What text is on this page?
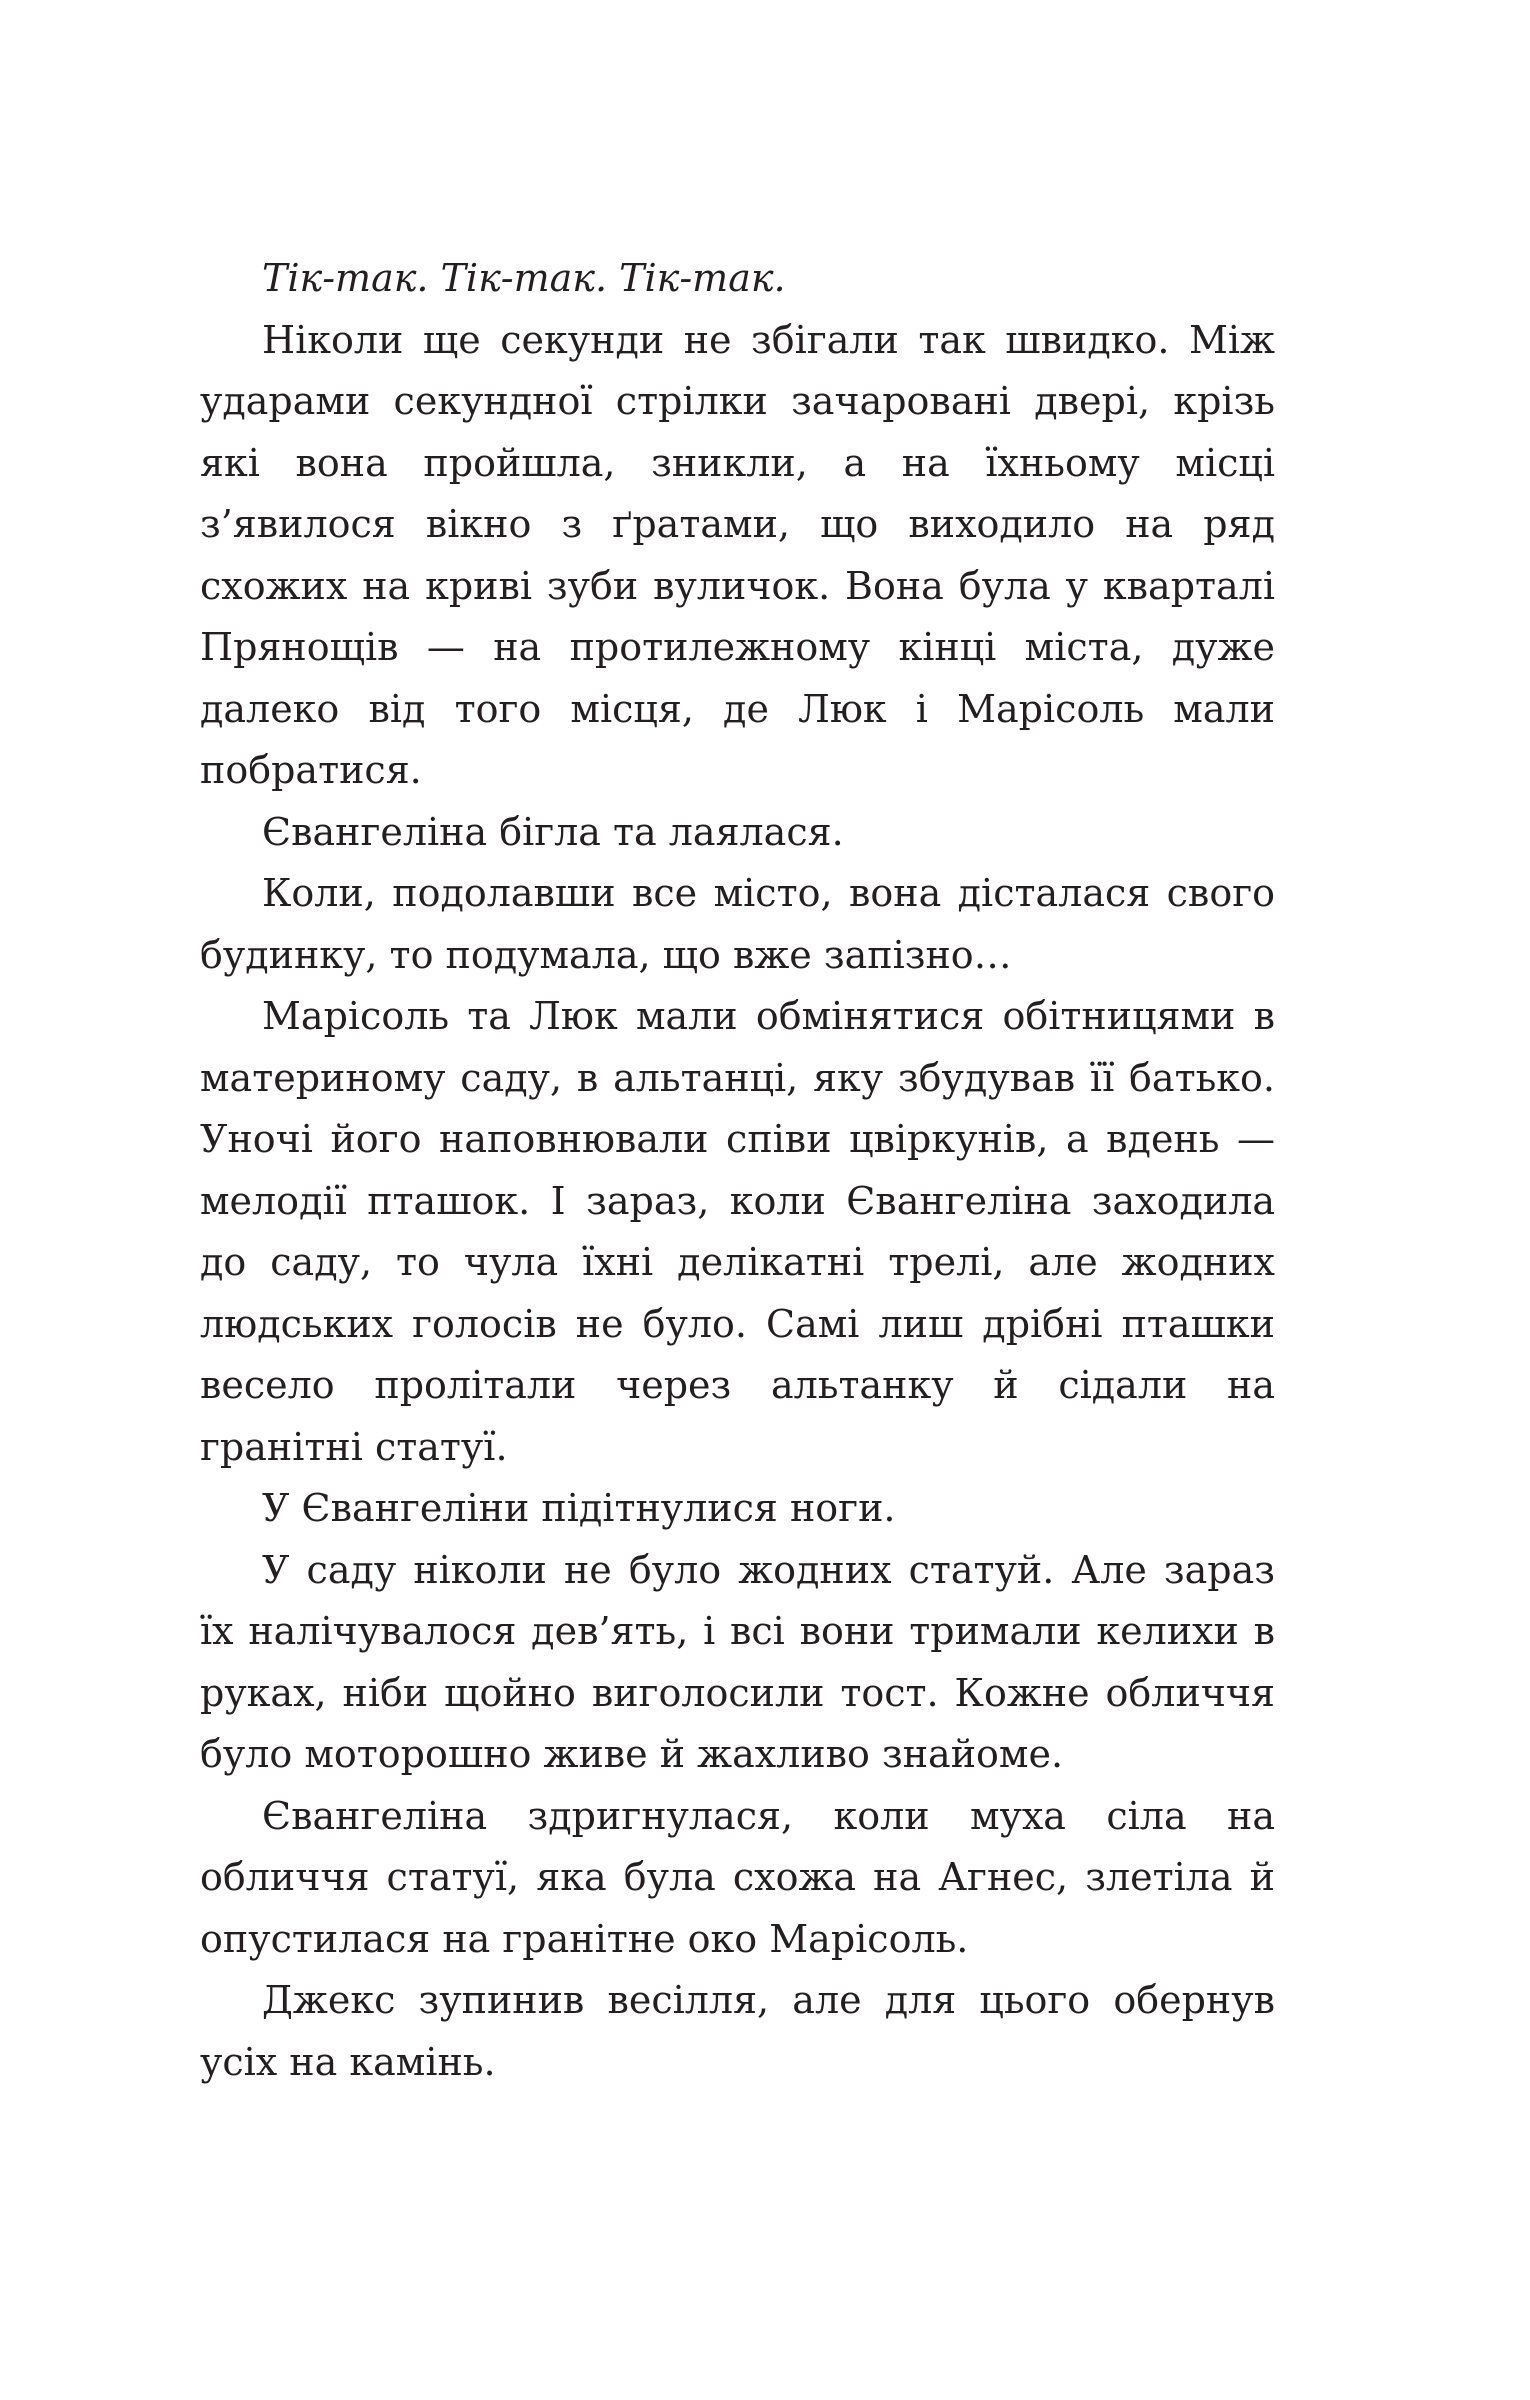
Тік-так. Тік-так. Тік-так.

Ніколи ще секунди не збігали так швидко. Між ударами секундної стрілки зачаровані двері, крізь які вона пройшла, зникли, а на їхньому місці з’явилося вікно з ґратами, що виходило на ряд схожих на криві зуби вуличок. Вона була у кварталі Прянощів — на протилежному кінці міста, дуже далеко від того місця, де Люк і Марісоль мали побратися.

Євангеліна бігла та лаялася.

Коли, подолавши все місто, вона дісталася свого будинку, то подумала, що вже запізно…

Марісоль та Люк мали обмінятися обітницями в материному саду, в альтанці, яку збудував її батько. Уночі його наповнювали співи цвіркунів, а вдень — мелодії пташок. І зараз, коли Євангеліна заходила до саду, то чула їхні делікатні трелі, але жодних людських голосів не було. Самі лиш дрібні пташки весело пролітали через альтанку й сідали на гранітні статуї.

У Євангеліни підітнулися ноги.

У саду ніколи не було жодних статуй. Але зараз їх налічувалося дев’ять, і всі вони тримали келихи в руках, ніби щойно виголосили тост. Кожне обличчя було моторошно живе й жахливо знайоме.

Євангеліна здригнулася, коли муха сіла на обличчя статуї, яка була схожа на Агнес, злетіла й опустилася на гранітне око Марісоль.

Джекс зупинив весілля, але для цього обернув усіх на камінь.
